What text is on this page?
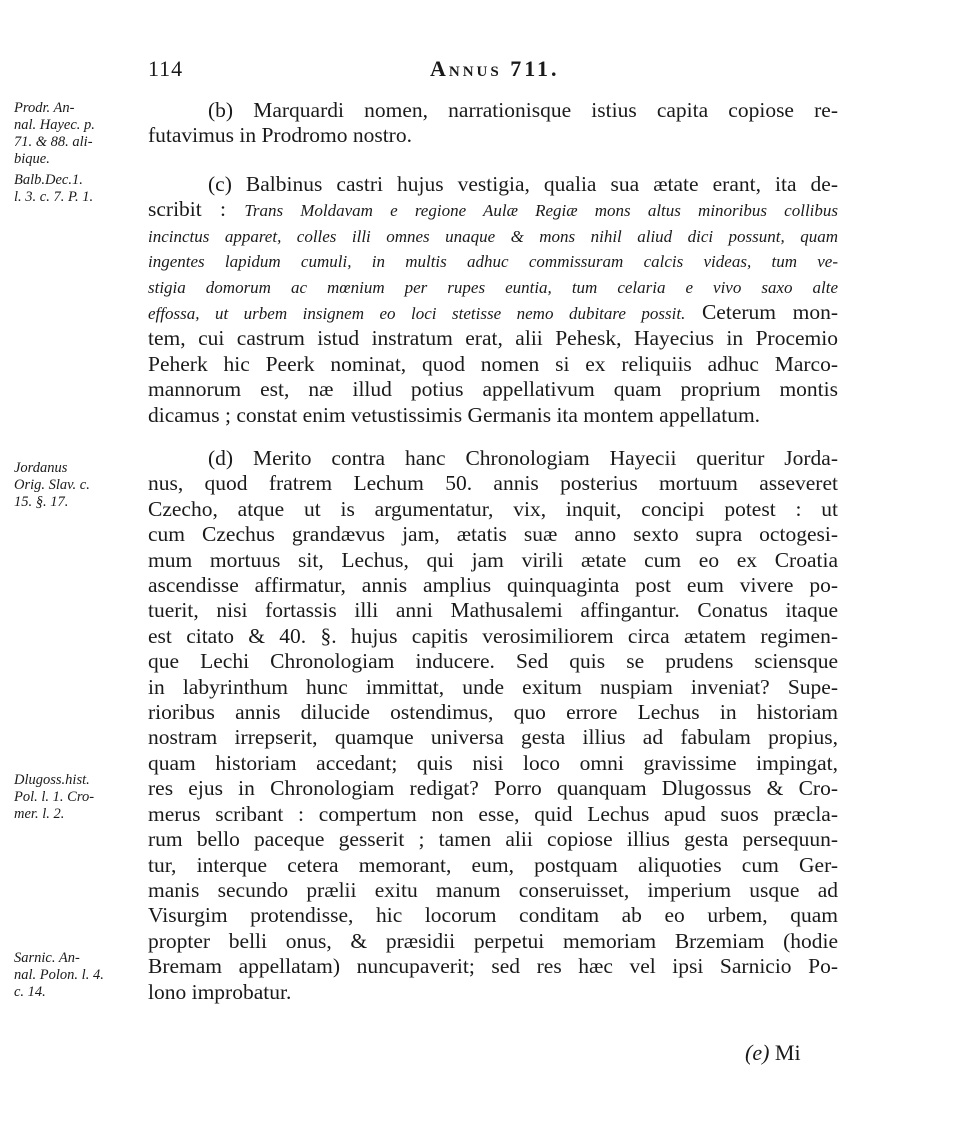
114	Annus 711.
Prodr. An-
nal. Hayec. p.
71. & 88. ali-
bique.
Balb.Dec.1.
l. 3. c. 7. P. 1.
Jordanus
Orig. Slav. c.
15. §. 17.
Dlugoss.hist.
Pol. l. 1. Cro-
mer. l. 2.
Sarnic. An-
nal. Polon. l. 4.
c. 14.
(b) Marquardi nomen, narrationisque istius capita copiose re-
futavimus in Prodromo nostro.
(c) Balbinus castri hujus vestigia, qualia sua ætate erant, ita de-
scribit : Trans Moldavam e regione Aulæ Regiæ mons altus minoribus collibus
incinctus apparet, colles illi omnes unaque & mons nihil aliud dici possunt, quam
ingentes lapidum cumuli, in multis adhuc commissuram calcis videas, tum ve-
stigia domorum ac mœnium per rupes euntia, tum celaria e vivo saxo alte
effossa, ut urbem insignem eo loci stetisse nemo dubitare possit. Ceterum mon-
tem, cui castrum istud instratum erat, alii Pehesk, Hayecius in Procemio
Peherk hic Peerk nominat, quod nomen si ex reliquiis adhuc Marco-
mannorum est, næ illud potius appellativum quam proprium montis
dicamus ; constat enim vetustissimis Germanis ita montem appellatum.
(d) Merito contra hanc Chronologiam Hayecii queritur Jorda-
nus, quod fratrem Lechum 50. annis posterius mortuum asseveret
Czecho, atque ut is argumentatur, vix, inquit, concipi potest : ut
cum Czechus grandævus jam, ætatis suæ anno sexto supra octogesi-
mum mortuus sit, Lechus, qui jam virili ætate cum eo ex Croatia
ascendisse affirmatur, annis amplius quinquaginta post eum vivere po-
tuerit, nisi fortassis illi anni Mathusalemi affingantur. Conatus itaque
est citato & 40. §. hujus capitis verosimiliorem circa ætatem regimen-
que Lechi Chronologiam inducere. Sed quis se prudens sciensque
in labyrinthum hunc immittat, unde exitum nuspiam inveniat? Supe-
rioribus annis dilucide ostendimus, quo errore Lechus in historiam
nostram irrepserit, quamque universa gesta illius ad fabulam propius,
quam historiam accedant; quis nisi loco omni gravissime impingat,
res ejus in Chronologiam redigat? Porro quanquam Dlugossus & Cro-
merus scribant : compertum non esse, quid Lechus apud suos præcla-
rum bello paceque gesserit ; tamen alii copiose illius gesta persequun-
tur, interque cetera memorant, eum, postquam aliquoties cum Ger-
manis secundo prælii exitu manum conseruisset, imperium usque ad
Visurgim protendisse, hic locorum conditam ab eo urbem, quam
propter belli onus, & præsidii perpetui memoriam Brzemiam (hodie
Bremam appellatam) nuncupaverit; sed res hæc vel ipsi Sarnicio Po-
lono improbatur.
(e) Mi
